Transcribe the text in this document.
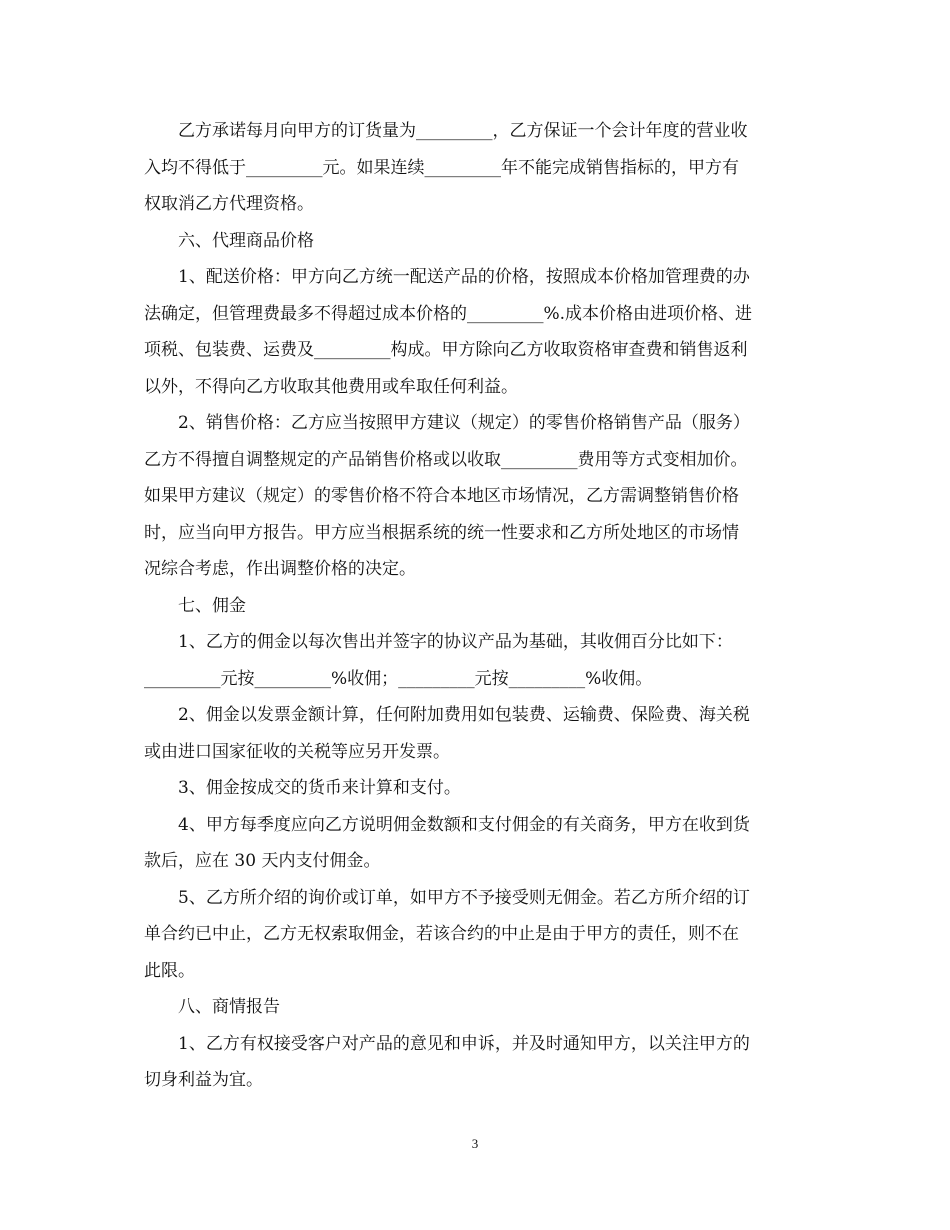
　　乙方承诺每月向甲方的订货量为_________，乙方保证一个会计年度的营业收
入均不得低于_________元。如果连续_________年不能完成销售指标的，甲方有
权取消乙方代理资格。

　　六、代理商品价格

　　1、配送价格：甲方向乙方统一配送产品的价格，按照成本价格加管理费的办
法确定，但管理费最多不得超过成本价格的_________%.成本价格由进项价格、进
项税、包装费、运费及_________构成。甲方除向乙方收取资格审查费和销售返利
以外，不得向乙方收取其他费用或牟取任何利益。

　　2、销售价格：乙方应当按照甲方建议（规定）的零售价格销售产品（服务）
乙方不得擅自调整规定的产品销售价格或以收取_________费用等方式变相加价。
如果甲方建议（规定）的零售价格不符合本地区市场情况，乙方需调整销售价格
时，应当向甲方报告。甲方应当根据系统的统一性要求和乙方所处地区的市场情
况综合考虑，作出调整价格的决定。

　　七、佣金

　　1、乙方的佣金以每次售出并签字的协议产品为基础，其收佣百分比如下：
_________元按_________%收佣；_________元按_________%收佣。

　　2、佣金以发票金额计算，任何附加费用如包装费、运输费、保险费、海关税
或由进口国家征收的关税等应另开发票。

　　3、佣金按成交的货币来计算和支付。

　　4、甲方每季度应向乙方说明佣金数额和支付佣金的有关商务，甲方在收到货
款后，应在 30 天内支付佣金。

　　5、乙方所介绍的询价或订单，如甲方不予接受则无佣金。若乙方所介绍的订
单合约已中止，乙方无权索取佣金，若该合约的中止是由于甲方的责任，则不在
此限。

　　八、商情报告

　　1、乙方有权接受客户对产品的意见和申诉，并及时通知甲方，以关注甲方的
切身利益为宜。

3
